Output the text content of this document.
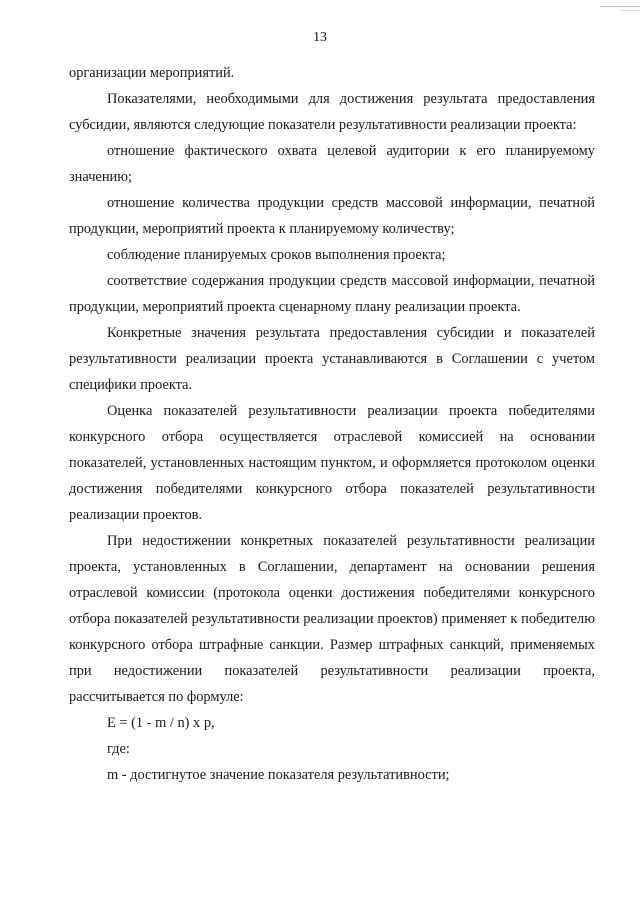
13

организации мероприятий.

Показателями, необходимыми для достижения результата предоставления субсидии, являются следующие показатели результативности реализации проекта:

отношение фактического охвата целевой аудитории к его планируемому значению;

отношение количества продукции средств массовой информации, печатной продукции, мероприятий проекта к планируемому количеству;

соблюдение планируемых сроков выполнения проекта;

соответствие содержания продукции средств массовой информации, печатной продукции, мероприятий проекта сценарному плану реализации проекта.

Конкретные значения результата предоставления субсидии и показателей результативности реализации проекта устанавливаются в Соглашении с учетом специфики проекта.

Оценка показателей результативности реализации проекта победителями конкурсного отбора осуществляется отраслевой комиссией на основании показателей, установленных настоящим пунктом, и оформляется протоколом оценки достижения победителями конкурсного отбора показателей результативности реализации проектов.

При недостижении конкретных показателей результативности реализации проекта, установленных в Соглашении, департамент на основании решения отраслевой комиссии (протокола оценки достижения победителями конкурсного отбора показателей результативности реализации проектов) применяет к победителю конкурсного отбора штрафные санкции. Размер штрафных санкций, применяемых при недостижении показателей результативности реализации проекта, рассчитывается по формуле:

Е = (1 - m / n) x p,

где:

m - достигнутое значение показателя результативности;
